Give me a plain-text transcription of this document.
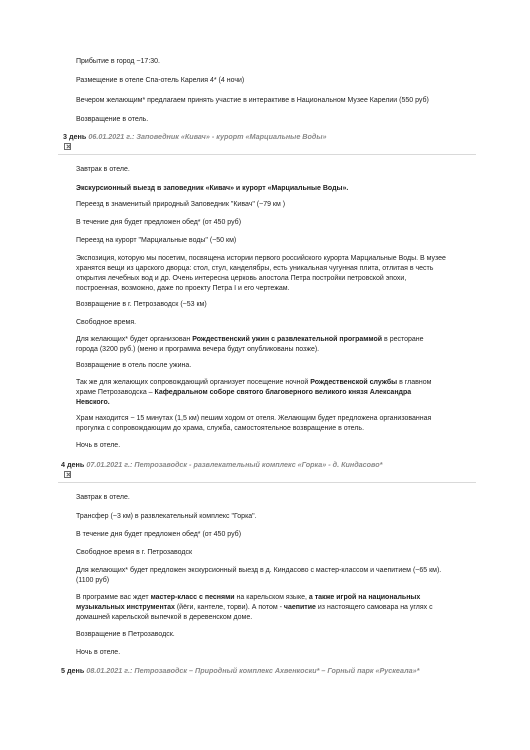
Прибытие в город ~17:30.
Размещение в отеле Спа-отель Карелия 4* (4 ночи)
Вечером желающим* предлагаем принять участие в интерактиве в Национальном Музее Карелии (550 руб)
Возвращение в отель.
3 день 06.01.2021 г.: Заповедник «Кивач» - курорт «Марциальные Воды»
Завтрак в отеле.
Экскурсионный выезд в заповедник «Кивач» и курорт «Марциальные Воды».
Переезд в знаменитый природный Заповедник "Кивач" (~79 км )
В течение дня будет предложен обед* (от 450 руб)
Переезд на курорт "Марциальные воды" (~50 км)
Экспозиция, которую мы посетим, посвящена истории первого российского курорта Марциальные Воды. В музее
хранятся вещи из царского дворца: стол, стул, канделябры, есть уникальная чугунная плита, отлитая в честь
открытия лечебных вод и др. Очень интересна церковь апостола Петра постройки петровской эпохи,
построенная, возможно, даже по проекту Петра I и его чертежам.
Возвращение в г. Петрозаводск (~53 км)
Свободное время.
Для желающих* будет организован Рождественский ужин с развлекательной программой в ресторане
города (3200 руб.) (меню и программа вечера будут опубликованы позже).
Возвращение в отель после ужина.
Так же для желающих сопровождающий организует посещение ночной Рождественской службы в главном
храме Петрозаводска – Кафедральном соборе святого благоверного великого князя Александра
Невского.
Храм находится ~ 15 минутах (1,5 км) пешим ходом от отеля. Желающим будет предложена организованная
прогулка с сопровождающим до храма, служба, самостоятельное возвращение в отель.
Ночь в отеле.
4 день 07.01.2021 г.: Петрозаводск - развлекательный комплекс «Горка» - д. Киндасово*
Завтрак в отеле.
Трансфер (~3 км) в развлекательный комплекс "Горка".
В течение дня будет предложен обед* (от 450 руб)
Свободное время в г. Петрозаводск
Для желающих* будет предложен экскурсионный выезд в д. Киндасово с мастер-классом и чаепитием (~65 км).
(1100 руб)
В программе вас ждет мастер-класс с песнями на карельском языке, а также игрой на национальных
музыкальных инструментах (йёги, кантеле, торви). А потом - чаепитие из настоящего самовара на углях с
домашней карельской выпечкой в деревенском доме.
Возвращение в Петрозаводск.
Ночь в отеле.
5 день 08.01.2021 г.: Петрозаводск – Природный комплекс Ахвенкоски* – Горный парк «Рускеала»*
